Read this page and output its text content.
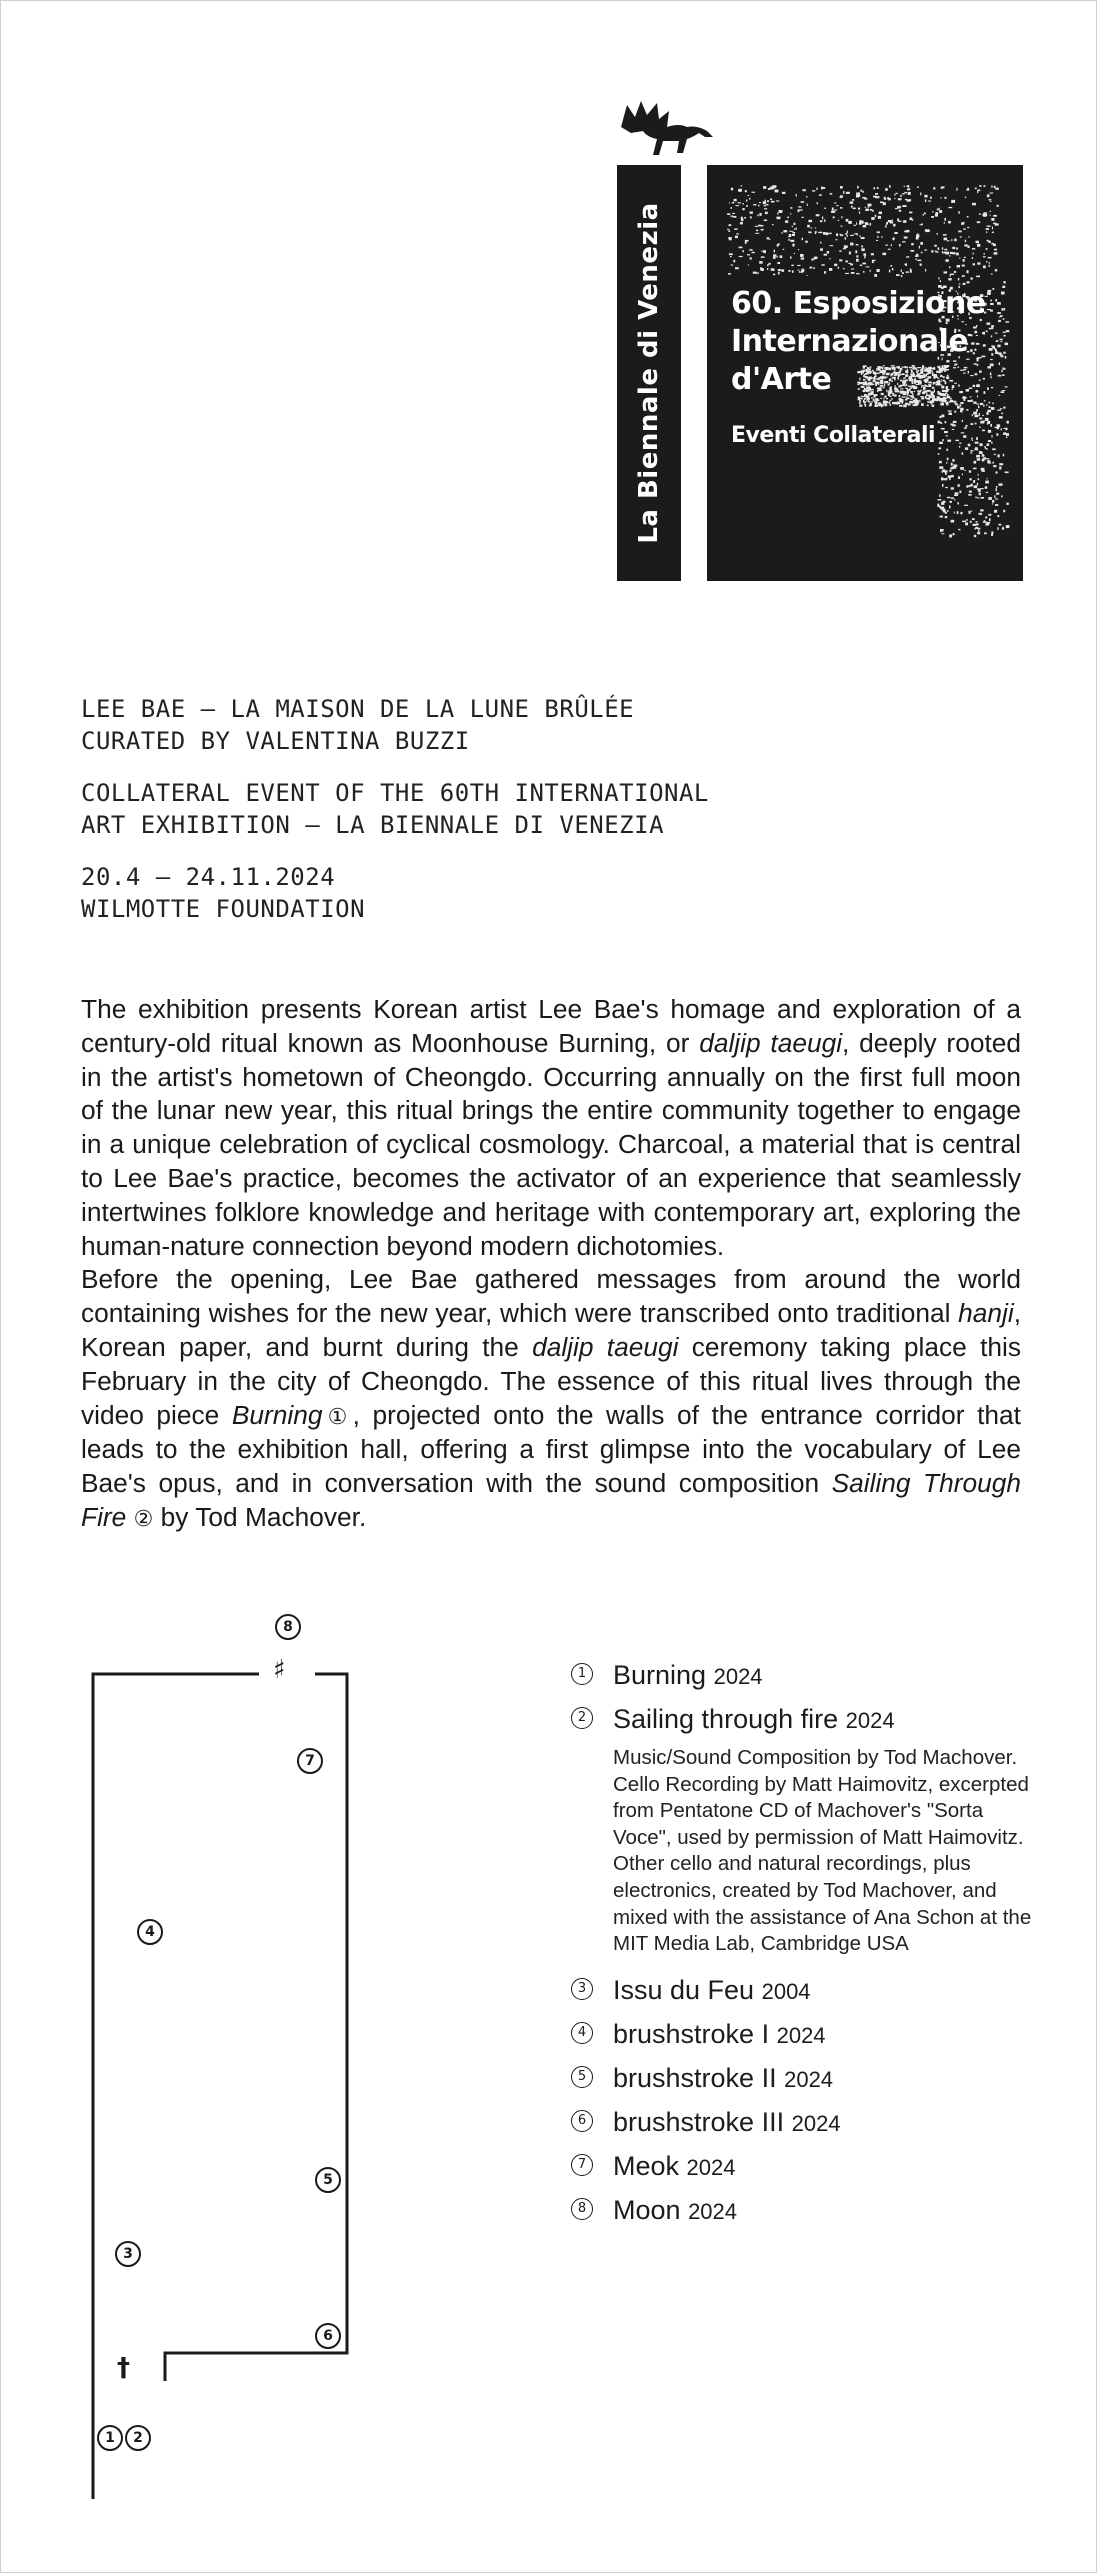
La Biennale di Venezia 60. Esposizione
Internazionale
d'Arte
Eventi Collaterali
LEE BAE – LA MAISON DE LA LUNE BRÛLÉE
CURATED BY VALENTINA BUZZI
COLLATERAL EVENT OF THE 60TH INTERNATIONAL
ART EXHIBITION – LA BIENNALE DI VENEZIA
20.4 – 24.11.2024
WILMOTTE FOUNDATION

The exhibition presents Korean artist Lee Bae's homage and exploration of a century-old ritual known as Moonhouse Burning, or daljip taeugi, deeply rooted in the artist's hometown of Cheongdo. Occurring annually on the first full moon of the lunar new year, this ritual brings the entire community together to engage in a unique celebration of cyclical cosmology. Charcoal, a material that is central to Lee Bae's practice, becomes the activator of an experience that seamlessly intertwines folklore knowledge and heritage with contemporary art, exploring the human-nature connection beyond modern dichotomies.

Before the opening, Lee Bae gathered messages from around the world containing wishes for the new year, which were transcribed onto traditional hanji, Korean paper, and burnt during the daljip taeugi ceremony taking place this February in the city of Cheongdo. The essence of this ritual lives through the video piece Burning①, projected onto the walls of the entrance corridor that leads to the exhibition hall, offering a first glimpse into the vocabulary of Lee Bae's opus, and in conversation with the sound composition Sailing Through Fire ② by Tod Machover.

8
♯
7
4
5
3
6
†
1	2
1 Burning 2024
2 Sailing through fire 2024
Music/Sound Composition by Tod Machover. Cello Recording by Matt Haimovitz, excerpted from Pentatone CD of Machover's "Sorta Voce", used by permission of Matt Haimovitz. Other cello and natural recordings, plus electronics, created by Tod Machover, and mixed with the assistance of Ana Schon at the MIT Media Lab, Cambridge USA
3 Issu du Feu 2004
4 brushstroke I 2024
5 brushstroke II 2024
6 brushstroke III 2024
7 Meok 2024
8 Moon 2024
